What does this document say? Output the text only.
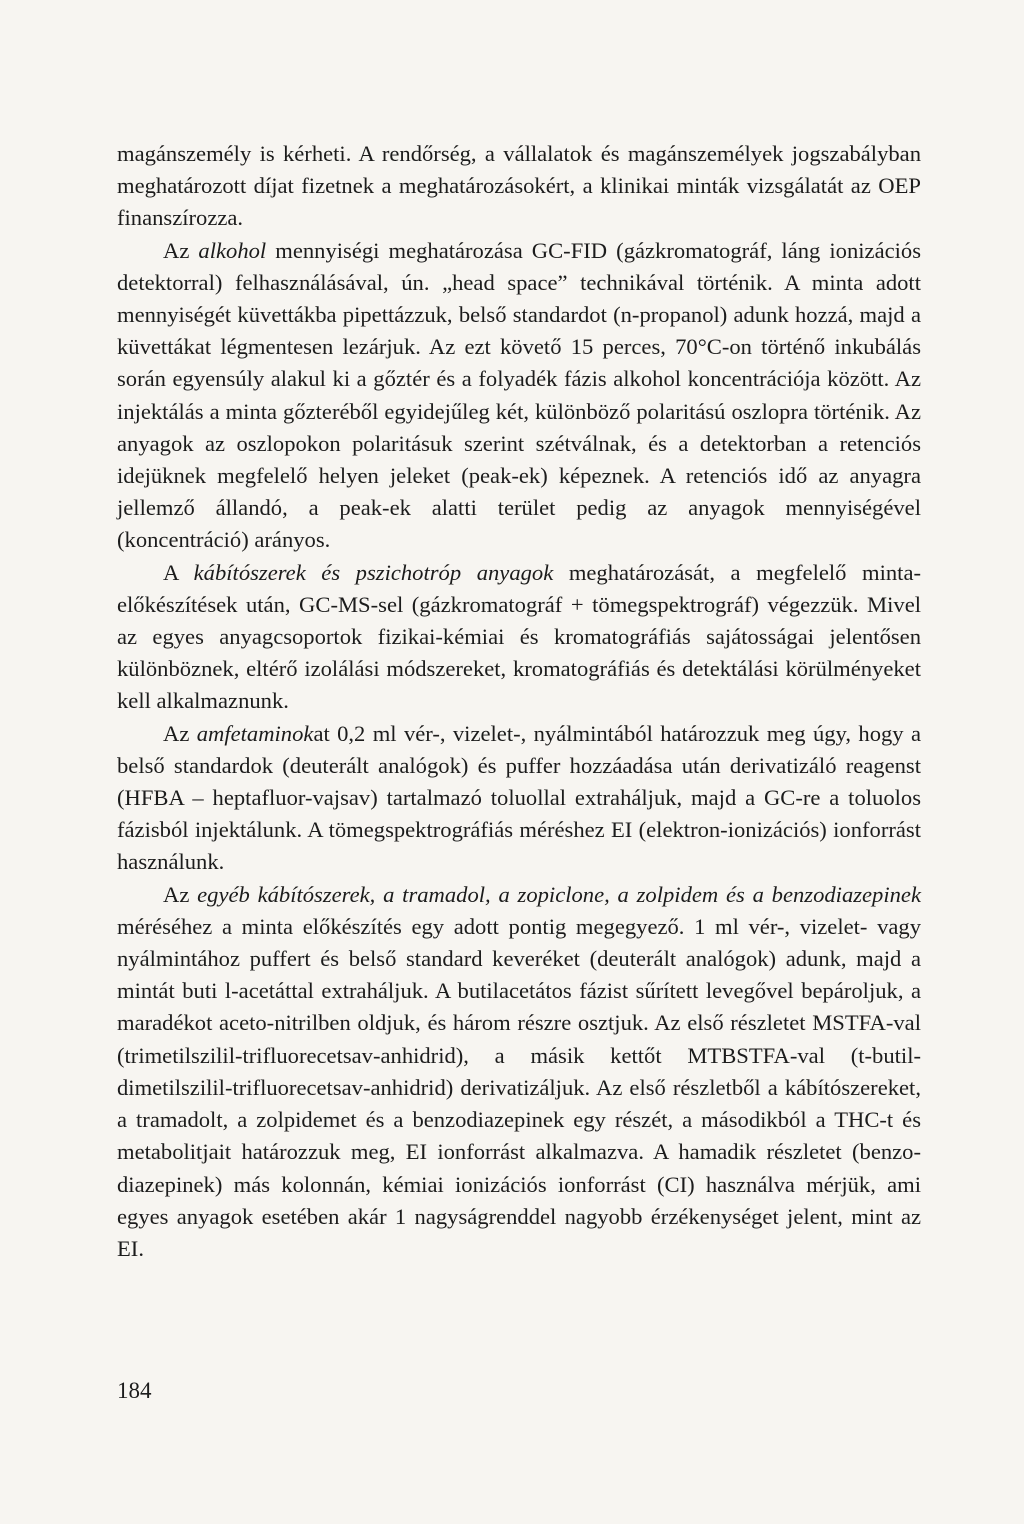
magánszemély is kérheti. A rendőrség, a vállalatok és magánszemélyek jogszabályban meghatározott díjat fizetnek a meghatározásokért, a klinikai minták vizsgálatát az OEP finanszírozza.

Az alkohol mennyiségi meghatározása GC-FID (gázkromatográf, láng ionizációs detektorral) felhasználásával, ún. „head space” technikával történik. A minta adott mennyiségét küvettákba pipettázzuk, belső standardot (n-propanol) adunk hozzá, majd a küvettákat légmentesen lezárjuk. Az ezt követő 15 perces, 70°C-on történő inkubálás során egyensúly alakul ki a gőztér és a folyadék fázis alkohol koncentrációja között. Az injektálás a minta gőzteréből egyidejűleg két, különböző polaritású oszlopra történik. Az anyagok az oszlopokon polaritásuk szerint szétválnak, és a detektorban a retenciós idejüknek megfelelő helyen jeleket (peak-ek) képeznek. A retenciós idő az anyagra jellemző állandó, a peak-ek alatti terület pedig az anyagok mennyiségével (koncentráció) arányos.

A kábítószerek és pszichotróp anyagok meghatározását, a megfelelő minta-előkészítések után, GC-MS-sel (gázkromatográf + tömegspektrográf) végezzük. Mivel az egyes anyagcsoportok fizikai-kémiai és kromatográfiás sajátosságai jelentősen különböznek, eltérő izolálási módszereket, kromatográfiás és detektálási körülményeket kell alkalmaznunk.

Az amfetaminokat 0,2 ml vér-, vizelet-, nyálmintából határozzuk meg úgy, hogy a belső standardok (deuterált analógok) és puffer hozzáadása után derivatizáló reagenst (HFBA – heptafluor-vajsav) tartalmazó toluollal extraháljuk, majd a GC-re a toluolos fázisból injektálunk. A tömegspektrográfiás méréshez EI (elektron-ionizációs) ionforrást használunk.

Az egyéb kábítószerek, a tramadol, a zopiclone, a zolpidem és a benzodiazepinek méréséhez a minta előkészítés egy adott pontig megegyező. 1 ml vér-, vizelet- vagy nyálmintához puffert és belső standard keveréket (deuterált analógok) adunk, majd a mintát buti l-acetáttal extraháljuk. A butilacetátos fázist sűrített levegővel bepároljuk, a maradékot aceto-nitrilben oldjuk, és három részre osztjuk. Az első részletet MSTFA-val (trimetilszilil-trifluorecetsav-anhidrid), a másik kettőt MTBSTFA-val (t-butil-dimetilszilil-trifluorecetsav-anhidrid) derivatizáljuk. Az első részletből a kábítószereket, a tramadolt, a zolpidemet és a benzodiazepinek egy részét, a másodikból a THC-t és metabolitjait határozzuk meg, EI ionforrást alkalmazva. A hamadik részletet (benzo-diazepinek) más kolonnán, kémiai ionizációs ionforrást (CI) használva mérjük, ami egyes anyagok esetében akár 1 nagyságrenddel nagyobb érzékenységet jelent, mint az EI.

184
